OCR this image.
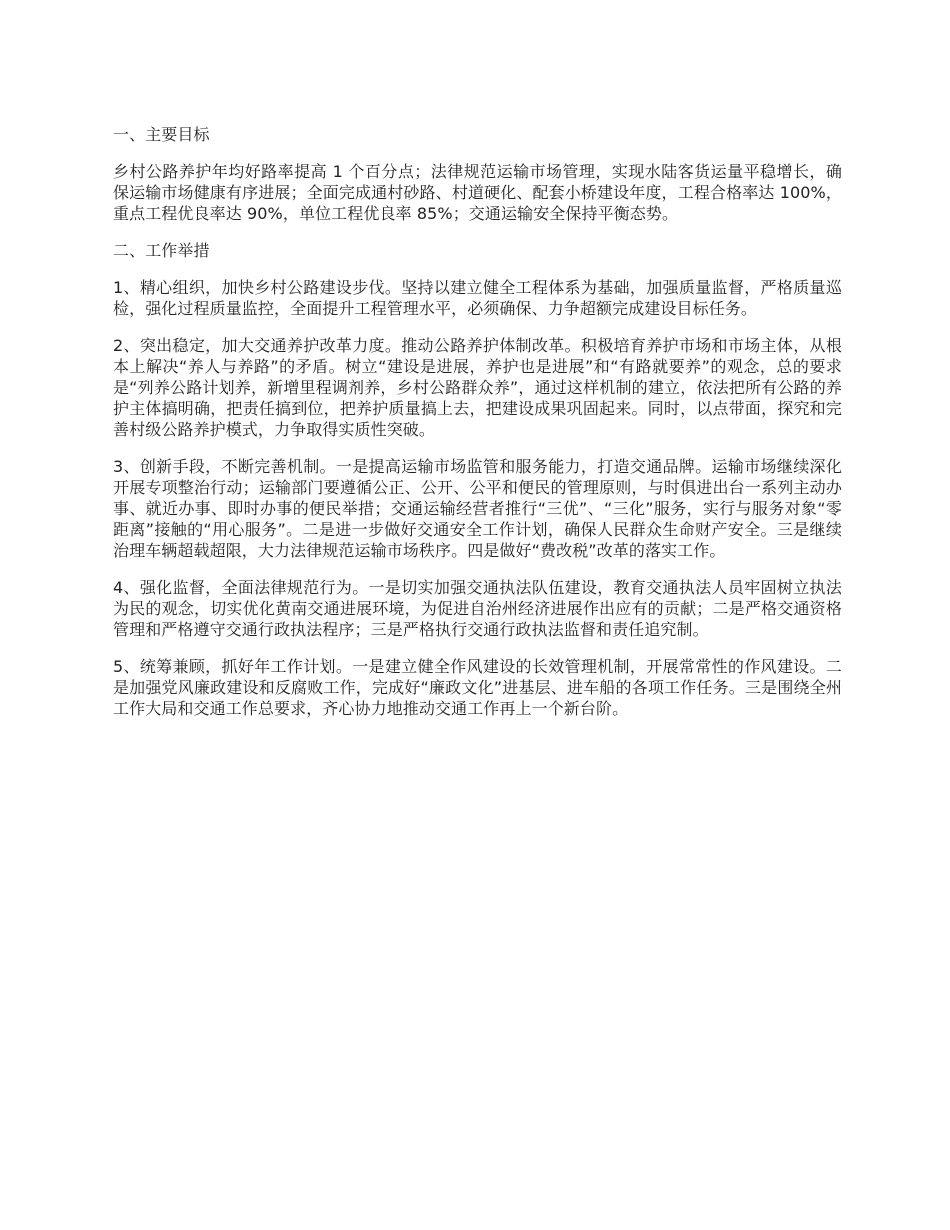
一、主要目标

乡村公路养护年均好路率提高 1 个百分点；法律规范运输市场管理，实现水陆客货运量平稳增长，确保运输市场健康有序进展；全面完成通村砂路、村道硬化、配套小桥建设年度，工程合格率达 100%，重点工程优良率达 90%，单位工程优良率 85%；交通运输安全保持平衡态势。

二、工作举措

1、精心组织，加快乡村公路建设步伐。坚持以建立健全工程体系为基础，加强质量监督，严格质量巡检，强化过程质量监控，全面提升工程管理水平，必须确保、力争超额完成建设目标任务。

2、突出稳定，加大交通养护改革力度。推动公路养护体制改革。积极培育养护市场和市场主体，从根本上解决“养人与养路”的矛盾。树立“建设是进展，养护也是进展”和“有路就要养”的观念，总的要求是“列养公路计划养，新增里程调剂养，乡村公路群众养”，通过这样机制的建立，依法把所有公路的养护主体搞明确，把责任搞到位，把养护质量搞上去，把建设成果巩固起来。同时，以点带面，探究和完善村级公路养护模式，力争取得实质性突破。

3、创新手段，不断完善机制。一是提高运输市场监管和服务能力，打造交通品牌。运输市场继续深化开展专项整治行动；运输部门要遵循公正、公开、公平和便民的管理原则，与时俱进出台一系列主动办事、就近办事、即时办事的便民举措；交通运输经营者推行“三优”、“三化”服务，实行与服务对象“零距离”接触的“用心服务”。二是进一步做好交通安全工作计划，确保人民群众生命财产安全。三是继续治理车辆超载超限，大力法律规范运输市场秩序。四是做好“费改税”改革的落实工作。

4、强化监督，全面法律规范行为。一是切实加强交通执法队伍建设，教育交通执法人员牢固树立执法为民的观念，切实优化黄南交通进展环境，为促进自治州经济进展作出应有的贡献；二是严格交通资格管理和严格遵守交通行政执法程序；三是严格执行交通行政执法监督和责任追究制。

5、统筹兼顾，抓好年工作计划。一是建立健全作风建设的长效管理机制，开展常常性的作风建设。二是加强党风廉政建设和反腐败工作，完成好“廉政文化”进基层、进车船的各项工作任务。三是围绕全州工作大局和交通工作总要求，齐心协力地推动交通工作再上一个新台阶。
